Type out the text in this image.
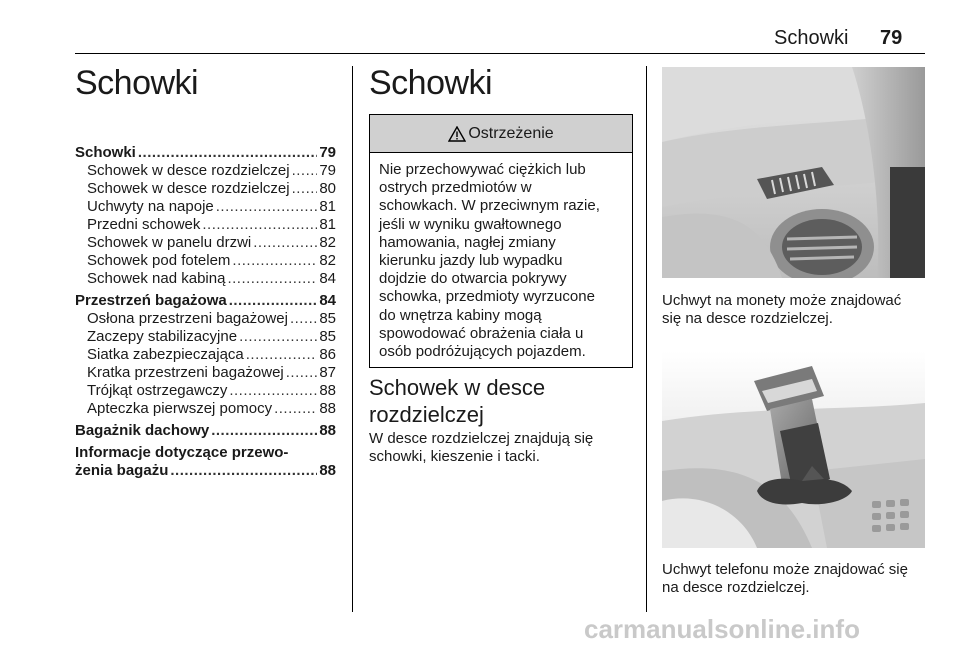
Schowki 79
Schowki
Schowki .....	79
Schowek w desce rozdzielczej ..... 79
Schowek w desce rozdzielczej ..... 80
Uchwyty na napoje .....	81
Przedni schowek .....	81
Schowek w panelu drzwi .....	82
Schowek pod fotelem .....	82
Schowek nad kabiną .....	84
Przestrzeń bagażowa .....	84
Osłona przestrzeni bagażowej ..... 85
Zaczepy stabilizacyjne .....	85
Siatka zabezpieczająca .....	86
Kratka przestrzeni bagażowej ..... 87
Trójkąt ostrzegawczy .....	88
Apteczka pierwszej pomocy .....	88
Bagażnik dachowy .....	88
Informacje dotyczące przewo-
żenia bagażu .....	88
Schowki
Ostrzeżenie
Nie przechowywać ciężkich lub
ostrych przedmiotów w
schowkach. W przeciwnym razie,
jeśli w wyniku gwałtownego
hamowania, nagłej zmiany
kierunku jazdy lub wypadku
dojdzie do otwarcia pokrywy
schowka, przedmioty wyrzucone
do wnętrza kabiny mogą
spowodować obrażenia ciała u
osób podróżujących pojazdem.
Schowek w desce
rozdzielczej
W desce rozdzielczej znajdują się
schowki, kieszenie i tacki.
Uchwyt na monety może znajdować
się na desce rozdzielczej.
Uchwyt telefonu może znajdować się
na desce rozdzielczej.
carmanualsonline.info
